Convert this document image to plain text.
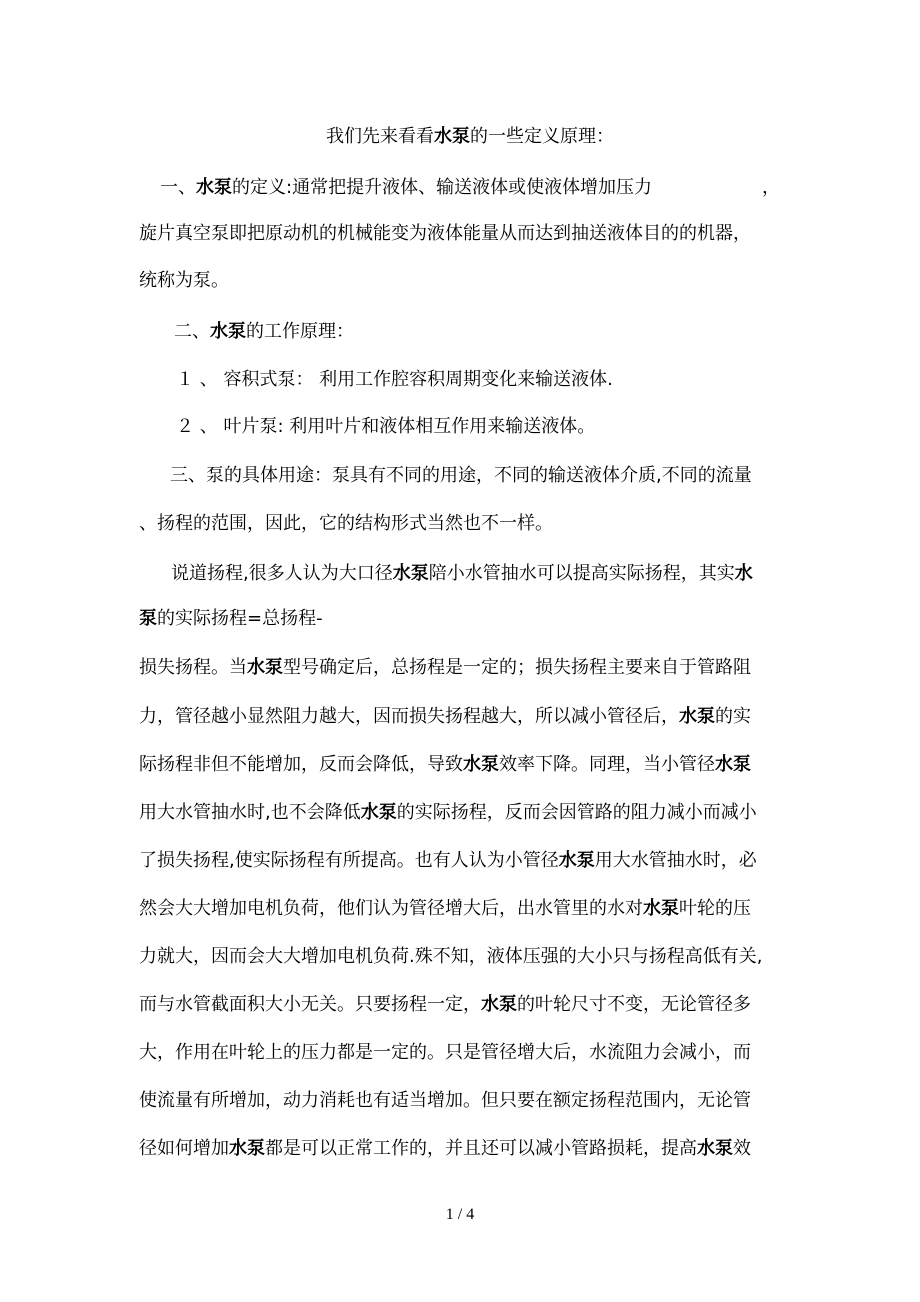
我们先来看看水泵的一些定义原理：
一、水泵的定义:通常把提升液体、输送液体或使液体增加压力	，
旋片真空泵即把原动机的机械能变为液体能量从而达到抽送液体目的的机器，
统称为泵。
二、水泵的工作原理：
１ 、 容积式泵： 利用工作腔容积周期变化来输送液体.
２ 、 叶片泵: 利用叶片和液体相互作用来输送液体。
三、泵的具体用途：泵具有不同的用途，不同的输送液体介质,不同的流量
、扬程的范围，因此，它的结构形式当然也不一样。
说道扬程,很多人认为大口径水泵陪小水管抽水可以提高实际扬程，其实水
泵的实际扬程=总扬程-
损失扬程。当水泵型号确定后，总扬程是一定的；损失扬程主要来自于管路阻
力，管径越小显然阻力越大，因而损失扬程越大，所以减小管径后，水泵的实
际扬程非但不能增加，反而会降低，导致水泵效率下降。同理，当小管径水泵
用大水管抽水时,也不会降低水泵的实际扬程，反而会因管路的阻力减小而减小
了损失扬程,使实际扬程有所提高。也有人认为小管径水泵用大水管抽水时，必
然会大大增加电机负荷，他们认为管径增大后，出水管里的水对水泵叶轮的压
力就大，因而会大大增加电机负荷.殊不知，液体压强的大小只与扬程高低有关,
而与水管截面积大小无关。只要扬程一定，水泵的叶轮尺寸不变，无论管径多
大，作用在叶轮上的压力都是一定的。只是管径增大后，水流阻力会减小，而
使流量有所增加，动力消耗也有适当增加。但只要在额定扬程范围内，无论管
径如何增加水泵都是可以正常工作的，并且还可以减小管路损耗，提高水泵效
1 / 4
